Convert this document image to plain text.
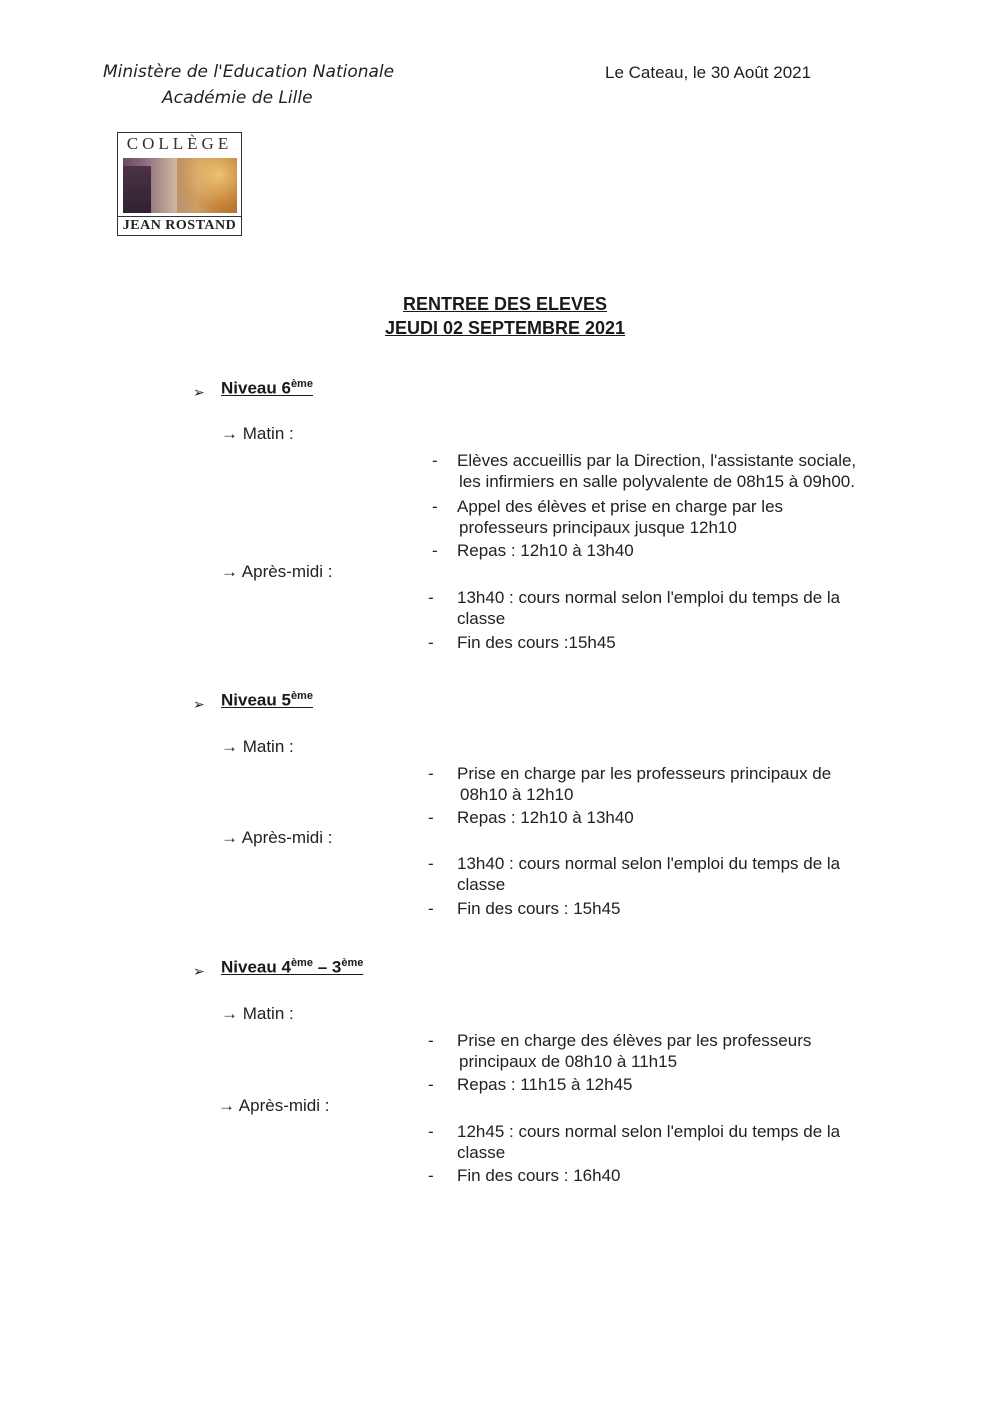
Ministère de l'Education Nationale
Académie de Lille
Le Cateau, le 30 Août 2021
COLLÈGE
JEAN ROSTAND
RENTREE DES ELEVES
JEUDI 02 SEPTEMBRE 2021
➢ Niveau 6ème
→ Matin :
→ Après-midi :
- Elèves accueillis par la Direction, l'assistante sociale,
les infirmiers en salle polyvalente de 08h15 à 09h00.
- Appel des élèves et prise en charge par les
professeurs principaux jusque 12h10
- Repas : 12h10 à 13h40
- 13h40 : cours normal selon l'emploi du temps de la
classe
- Fin des cours :15h45
➢ Niveau 5ème
→ Matin :
→ Après-midi :
- Prise en charge par les professeurs principaux de
08h10 à 12h10
- Repas : 12h10 à 13h40
- 13h40 : cours normal selon l'emploi du temps de la
classe
- Fin des cours : 15h45
➢ Niveau 4ème – 3ème
→ Matin :
→ Après-midi :
- Prise en charge des élèves par les professeurs
principaux de 08h10 à 11h15
- Repas : 11h15 à 12h45
- 12h45 : cours normal selon l'emploi du temps de la
classe
- Fin des cours : 16h40
